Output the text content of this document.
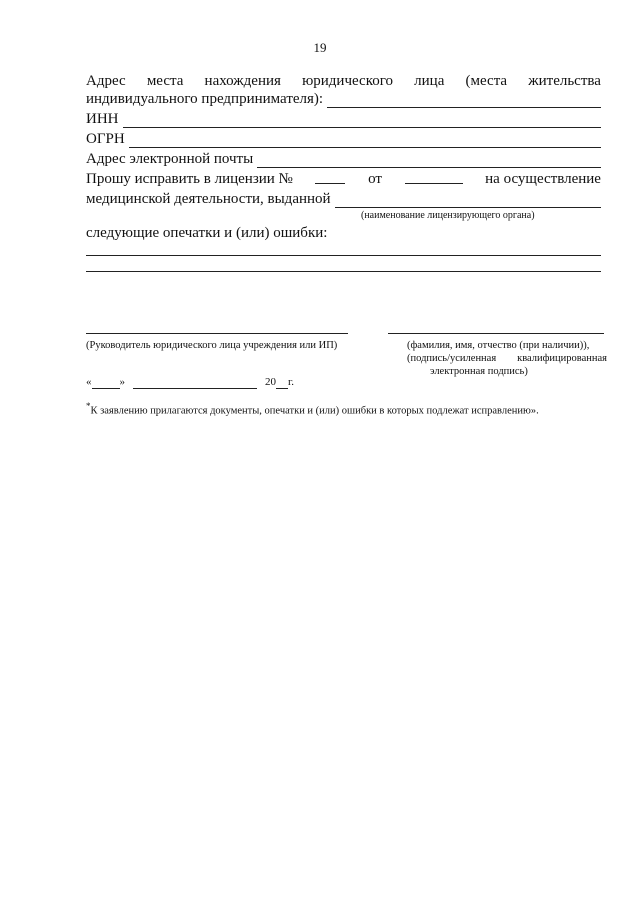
19
Адрес места нахождения юридического лица (места жительства
индивидуального предпринимателя):
ИНН
ОГРН
Адрес электронной почты
Прошу исправить в лицензии №	от	на осуществление
медицинской деятельности, выданной
(наименование лицензирующего органа)
следующие опечатки и (или) ошибки:
(Руководитель юридического лица учреждения или ИП)	(фамилия, имя, отчество (при наличии)),
(подпись/усиленная квалифицированная
электронная подпись)
«	»	20 г.
*К заявлению прилагаются документы, опечатки и (или) ошибки в которых подлежат исправлению».
